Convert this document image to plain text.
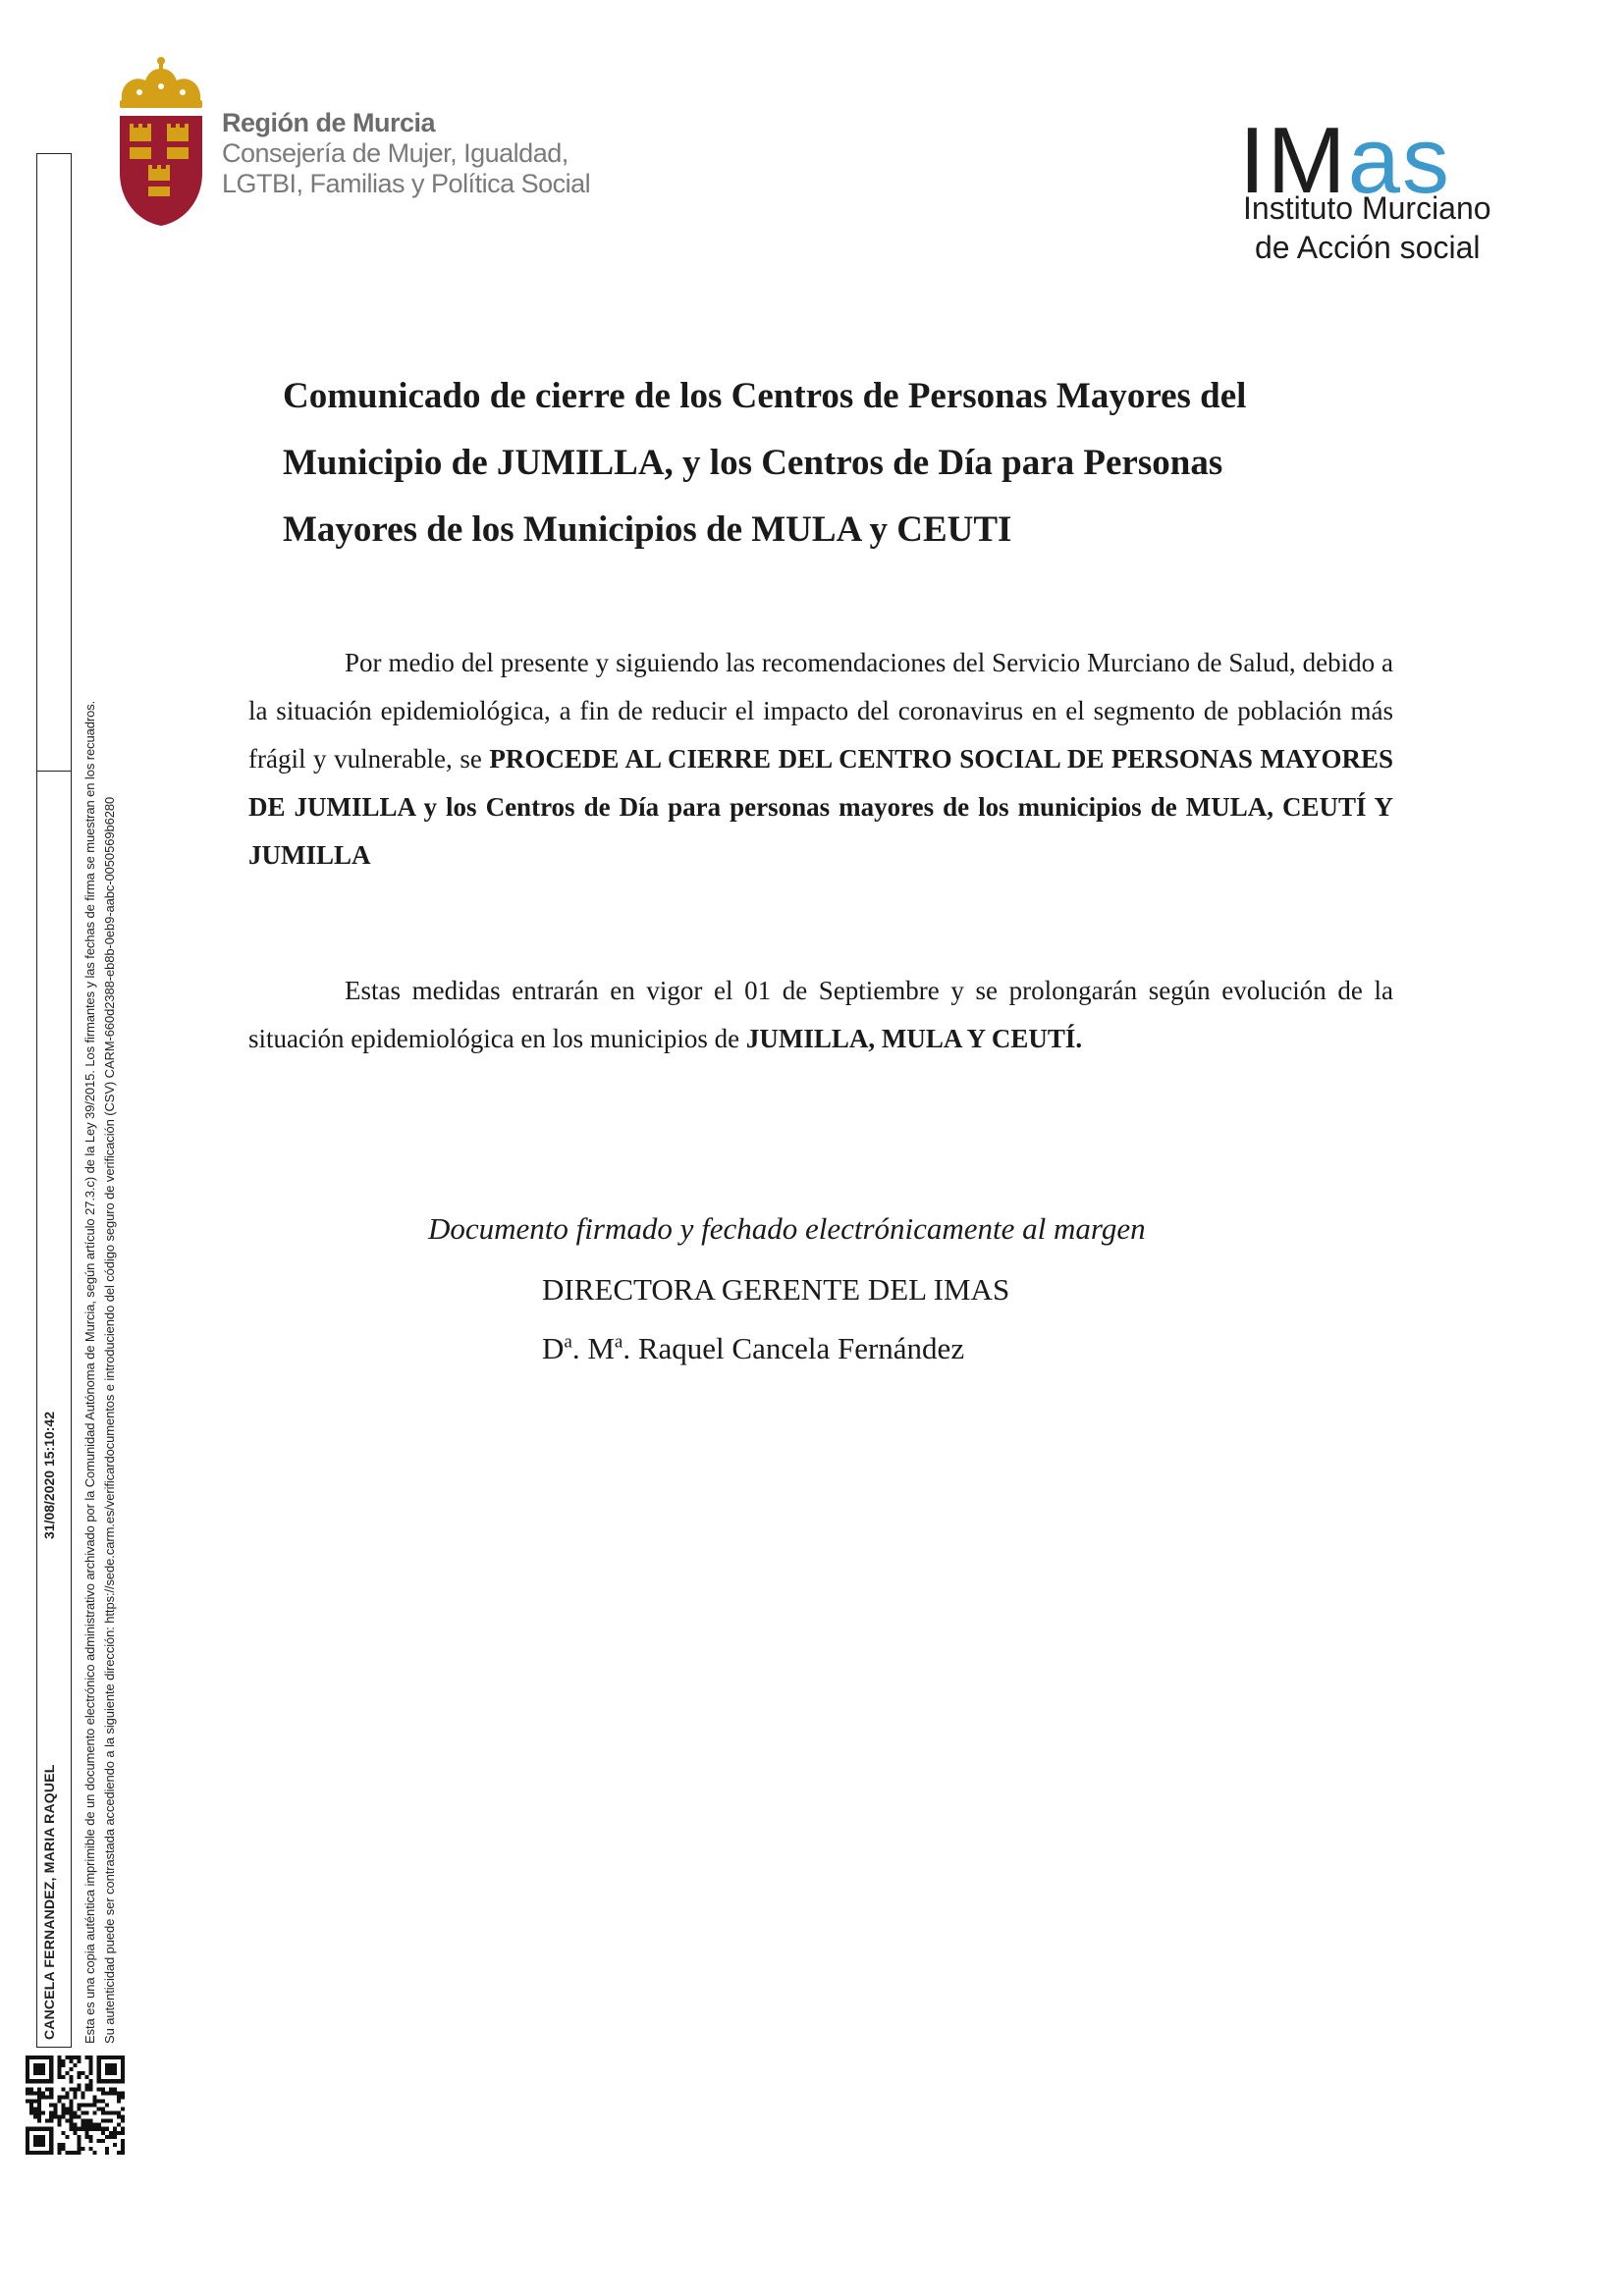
Región de Murcia
Consejería de Mujer, Igualdad,
LGTBI, Familias y Política Social	IMas
Instituto Murciano
de Acción social
Comunicado de cierre de los Centros de Personas Mayores del
Municipio de JUMILLA, y los Centros de Día para Personas
Mayores de los Municipios de MULA y CEUTI
Por medio del presente y siguiendo las recomendaciones del Servicio Murciano de Salud, debido a la situación epidemiológica, a fin de reducir el impacto del coronavirus en el segmento de población más frágil y vulnerable, se PROCEDE AL CIERRE DEL CENTRO SOCIAL DE PERSONAS MAYORES DE JUMILLA y los Centros de Día para personas mayores de los municipios de MULA, CEUTÍ Y JUMILLA
Estas medidas entrarán en vigor el 01 de Septiembre y se prolongarán según evolución de la situación epidemiológica en los municipios de JUMILLA, MULA Y CEUTÍ.
Documento firmado y fechado electrónicamente al margen
DIRECTORA GERENTE DEL IMAS
$D^a$. $M^a$. Raquel Cancela Fernández
CANCELA FERNANDEZ, MARIA RAQUEL
31/08/2020 15:10:42 Esta es una copia auténtica imprimible de un documento electrónico administrativo archivado por la Comunidad Autónoma de Murcia, según artículo 27.3.c) de la Ley 39/2015. Los firmantes y las fechas de firma se muestran en los recuadros. Su autenticidad puede ser contrastada accediendo a la siguiente dirección: https://sede.carm.es/verificardocumentos e introduciendo del código seguro de verificación (CSV) CARM-660d2388-eb8b-0eb9-aabc-0050569b6280
